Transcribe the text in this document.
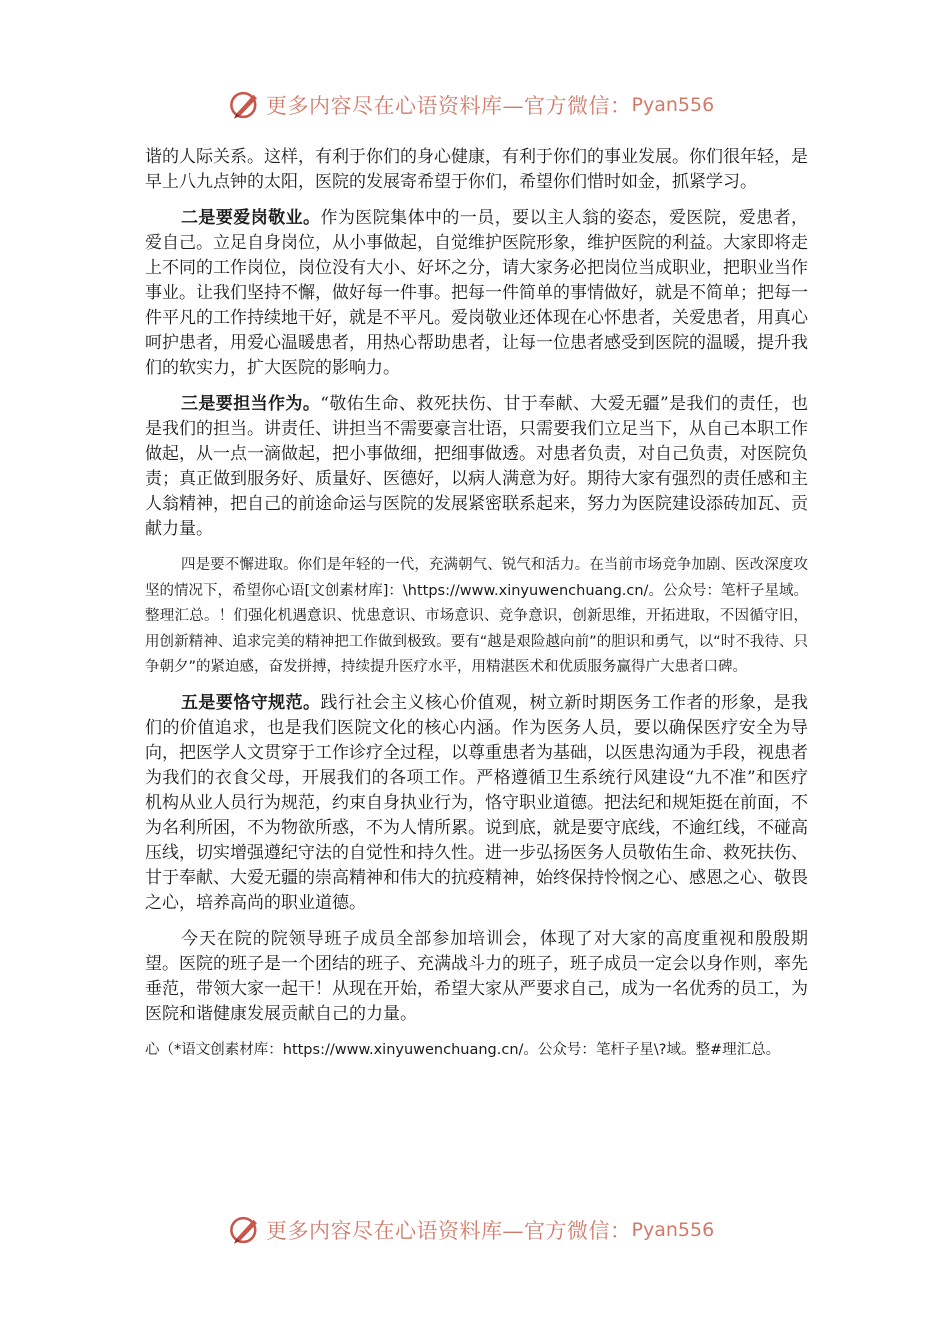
更多内容尽在心语资料库—官方微信： Pyan556

谐的人际关系。这样，有利于你们的身心健康，有利于你们的事业发展。你们很年轻，是早上八九点钟的太阳，医院的发展寄希望于你们，希望你们惜时如金，抓紧学习。

二是要爱岗敬业。作为医院集体中的一员，要以主人翁的姿态，爱医院，爱患者，爱自己。立足自身岗位，从小事做起，自觉维护医院形象，维护医院的利益。大家即将走上不同的工作岗位，岗位没有大小、好坏之分，请大家务必把岗位当成职业，把职业当作事业。让我们坚持不懈，做好每一件事。把每一件简单的事情做好，就是不简单；把每一件平凡的工作持续地干好，就是不平凡。爱岗敬业还体现在心怀患者，关爱患者，用真心呵护患者，用爱心温暖患者，用热心帮助患者，让每一位患者感受到医院的温暖，提升我们的软实力，扩大医院的影响力。

三是要担当作为。“敬佑生命、救死扶伤、甘于奉献、大爱无疆”是我们的责任，也是我们的担当。讲责任、讲担当不需要豪言壮语，只需要我们立足当下，从自己本职工作做起，从一点一滴做起，把小事做细，把细事做透。对患者负责，对自己负责，对医院负责；真正做到服务好、质量好、医德好，以病人满意为好。期待大家有强烈的责任感和主人翁精神，把自己的前途命运与医院的发展紧密联系起来，努力为医院建设添砖加瓦、贡献力量。

四是要不懈进取。你们是年轻的一代，充满朝气、锐气和活力。在当前市场竞争加剧、医改深度攻坚的情况下，希望你心语[文创素材库]：\https://www.xinyuwenchuang.cn/。公众号：笔杆子星域。整理汇总。！们强化机遇意识、忧患意识、市场意识、竞争意识，创新思维，开拓进取，不因循守旧，用创新精神、追求完美的精神把工作做到极致。要有“越是艰险越向前”的胆识和勇气，以“时不我待、只争朝夕”的紧迫感，奋发拼搏，持续提升医疗水平，用精湛医术和优质服务赢得广大患者口碑。

五是要恪守规范。践行社会主义核心价值观，树立新时期医务工作者的形象，是我们的价值追求，也是我们医院文化的核心内涵。作为医务人员，要以确保医疗安全为导向，把医学人文贯穿于工作诊疗全过程，以尊重患者为基础，以医患沟通为手段，视患者为我们的衣食父母，开展我们的各项工作。严格遵循卫生系统行风建设“九不准”和医疗机构从业人员行为规范，约束自身执业行为，恪守职业道德。把法纪和规矩挺在前面，不为名利所困，不为物欲所惑，不为人情所累。说到底，就是要守底线，不逾红线，不碰高压线，切实增强遵纪守法的自觉性和持久性。进一步弘扬医务人员敬佑生命、救死扶伤、甘于奉献、大爱无疆的崇高精神和伟大的抗疫精神，始终保持怜悯之心、感恩之心、敬畏之心，培养高尚的职业道德。

今天在院的院领导班子成员全部参加培训会，体现了对大家的高度重视和殷殷期望。医院的班子是一个团结的班子、充满战斗力的班子，班子成员一定会以身作则，率先垂范，带领大家一起干！从现在开始，希望大家从严要求自己，成为一名优秀的员工，为医院和谐健康发展贡献自己的力量。

心（*语文创素材库：https://www.xinyuwenchuang.cn/。公众号：笔杆子星\?域。整#理汇总。

更多内容尽在心语资料库—官方微信： Pyan556
